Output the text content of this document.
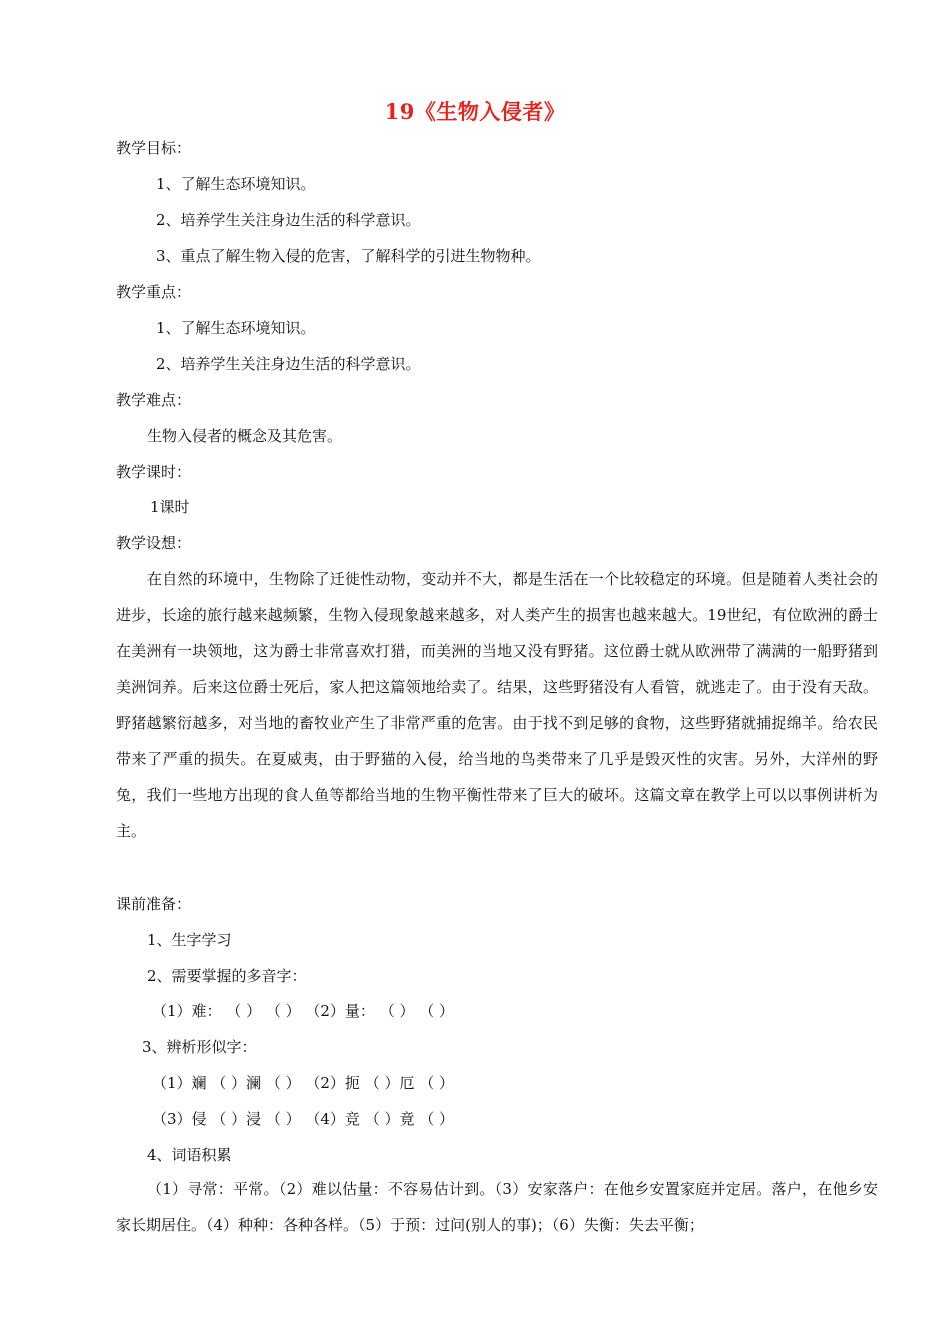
19《生物入侵者》
教学目标：
1、了解生态环境知识。
2、培养学生关注身边生活的科学意识。
3、重点了解生物入侵的危害，了解科学的引进生物物种。
教学重点：
1、了解生态环境知识。
2、培养学生关注身边生活的科学意识。
教学难点：
生物入侵者的概念及其危害。
教学课时：
1课时
教学设想：

在自然的环境中，生物除了迁徙性动物，变动并不大，都是生活在一个比较稳定的环境。但是随着人类社会的进步，长途的旅行越来越频繁，生物入侵现象越来越多，对人类产生的损害也越来越大。19世纪，有位欧洲的爵士在美洲有一块领地，这为爵士非常喜欢打猎，而美洲的当地又没有野猪。这位爵士就从欧洲带了满满的一船野猪到美洲饲养。后来这位爵士死后，家人把这篇领地给卖了。结果，这些野猪没有人看管，就逃走了。由于没有天敌。野猪越繁衍越多，对当地的畜牧业产生了非常严重的危害。由于找不到足够的食物，这些野猪就捕捉绵羊。给农民带来了严重的损失。在夏威夷，由于野猫的入侵，给当地的鸟类带来了几乎是毁灭性的灾害。另外，大洋州的野兔，我们一些地方出现的食人鱼等都给当地的生物平衡性带来了巨大的破坏。这篇文章在教学上可以以事例讲析为主。

课前准备：
1、生字学习
2、需要掌握的多音字：
（1）难： （ ） （ ） （2）量： （ ） （ ）
3、辨析形似字：
（1）斓 （ ）澜 （ ） （2）扼 （ ）厄 （ ）
（3）侵 （ ）浸 （ ） （4）竞 （ ）竟 （ ）
4、词语积累

（1）寻常：平常。（2）难以估量：不容易估计到。（3）安家落户：在他乡安置家庭并定居。落户，在他乡安家长期居住。（4）种种：各种各样。（5）于预：过问(别人的事)；（6）失衡：失去平衡；
